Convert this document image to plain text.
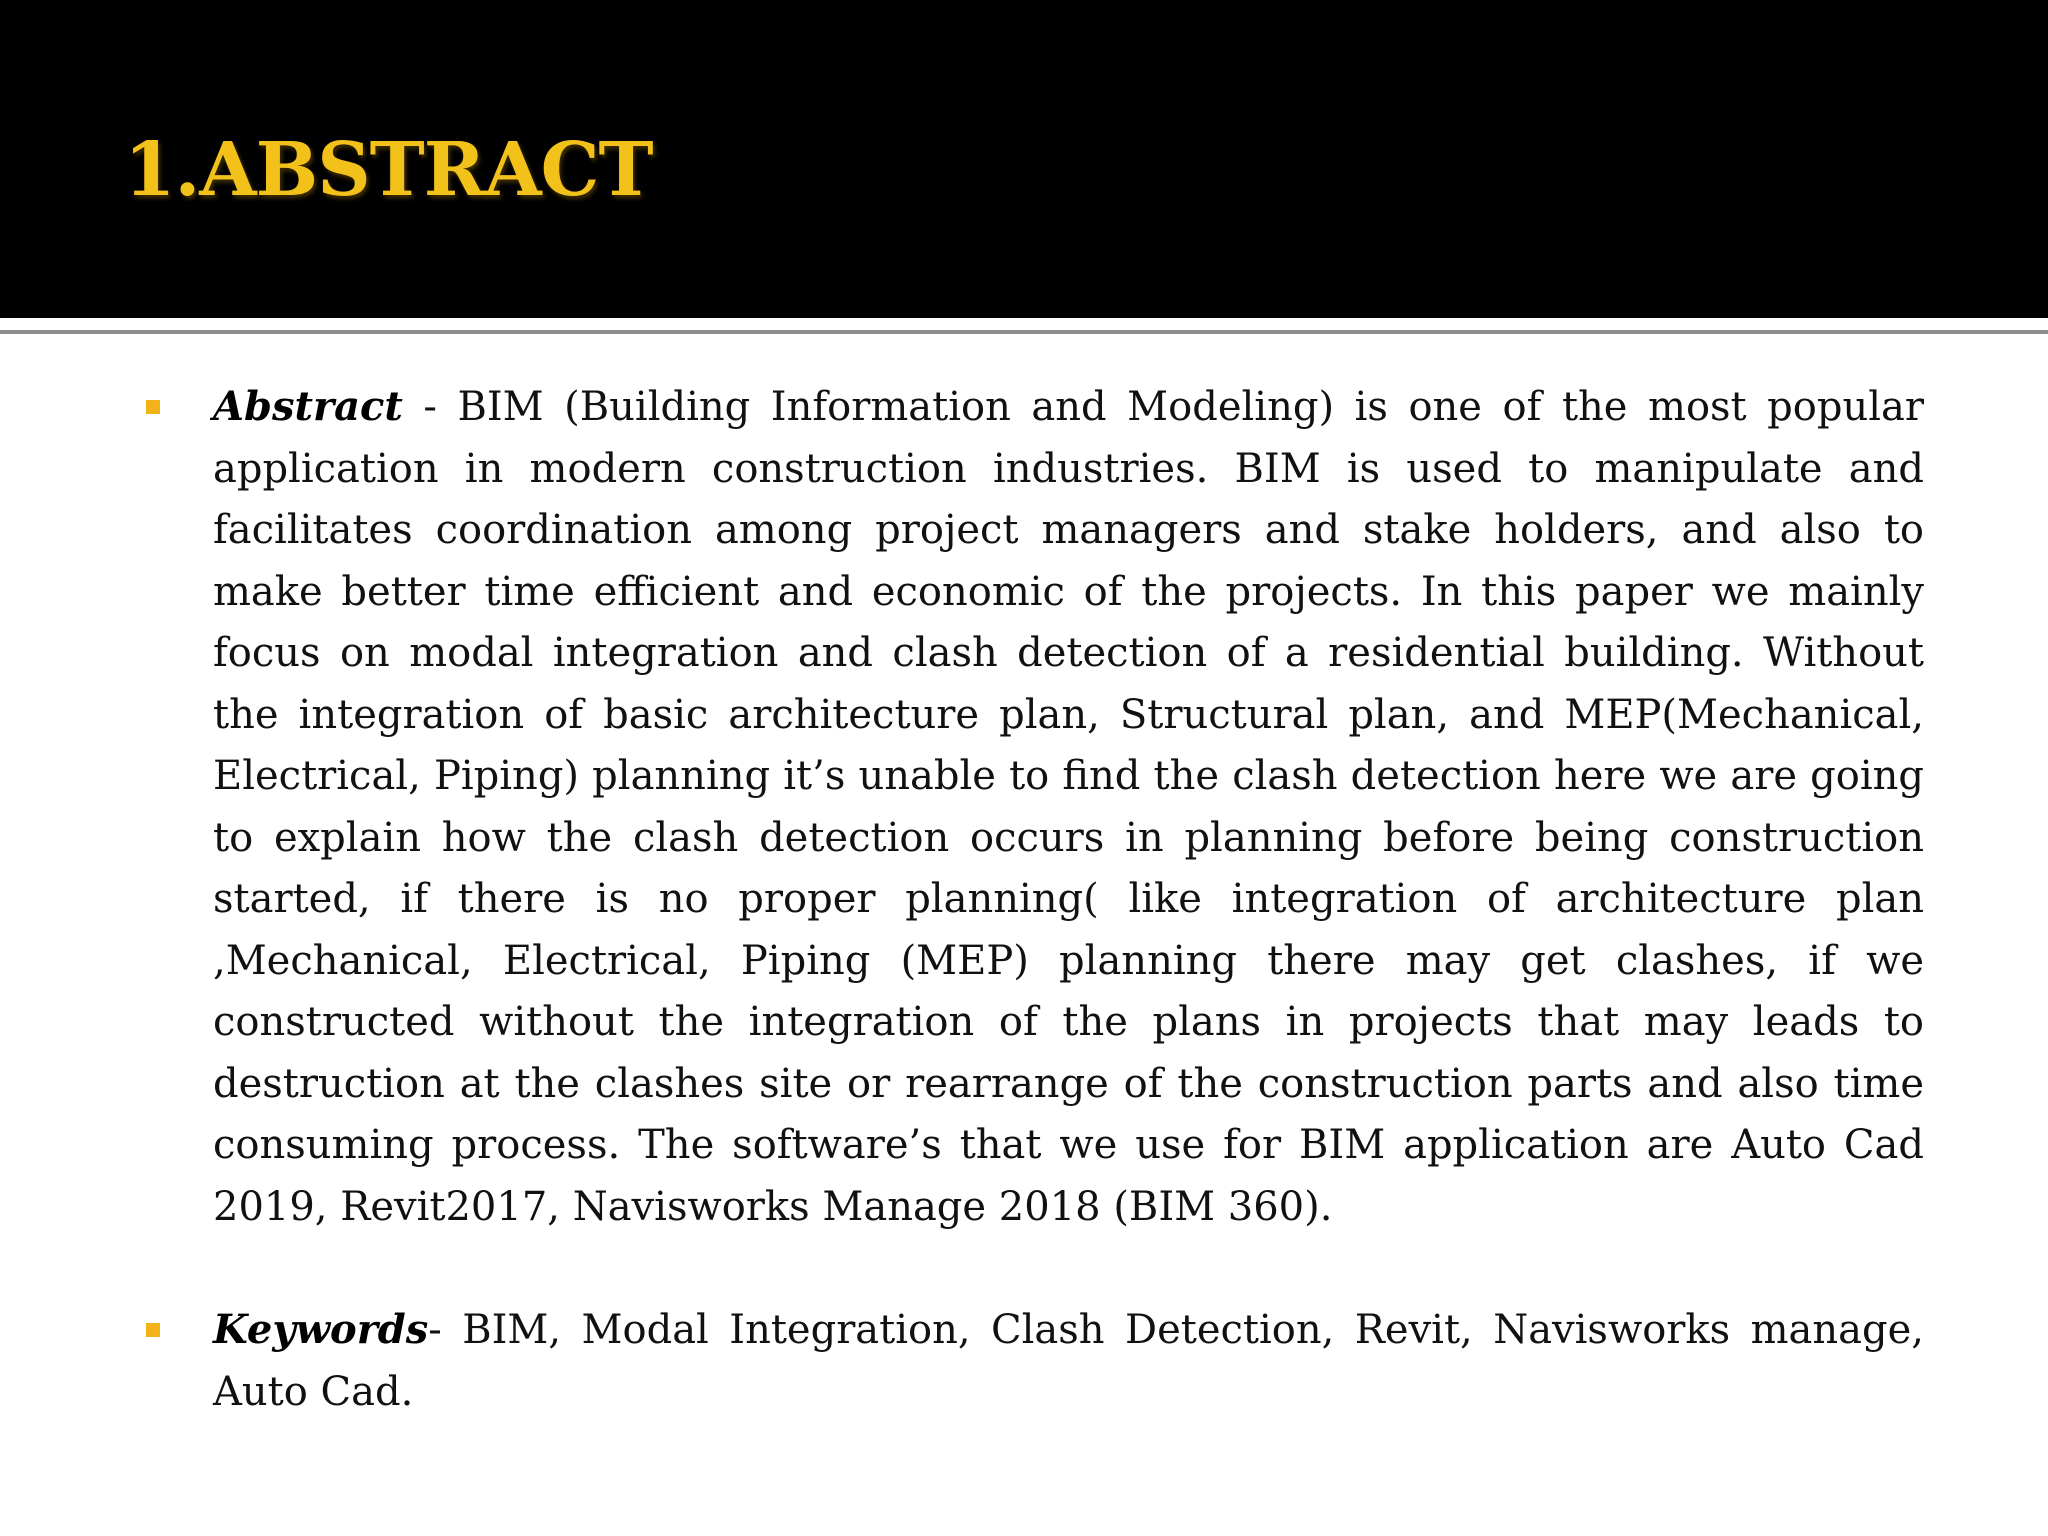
1.ABSTRACT
Abstract - BIM (Building Information and Modeling) is one of the most popular application in modern construction industries. BIM is used to manipulate and facilitates coordination among project managers and stake holders, and also to make better time efficient and economic of the projects. In this paper we mainly focus on modal integration and clash detection of a residential building. Without the integration of basic architecture plan, Structural plan, and MEP(Mechanical, Electrical, Piping) planning it’s unable to find the clash detection here we are going to explain how the clash detection occurs in planning before being construction started, if there is no proper planning( like integration of architecture plan ,Mechanical, Electrical, Piping (MEP) planning there may get clashes, if we constructed without the integration of the plans in projects that may leads to destruction at the clashes site or rearrange of the construction parts and also time consuming process. The software’s that we use for BIM application are Auto Cad 2019, Revit2017, Navisworks Manage 2018 (BIM 360).
Keywords- BIM, Modal Integration, Clash Detection, Revit, Navisworks manage, Auto Cad.
